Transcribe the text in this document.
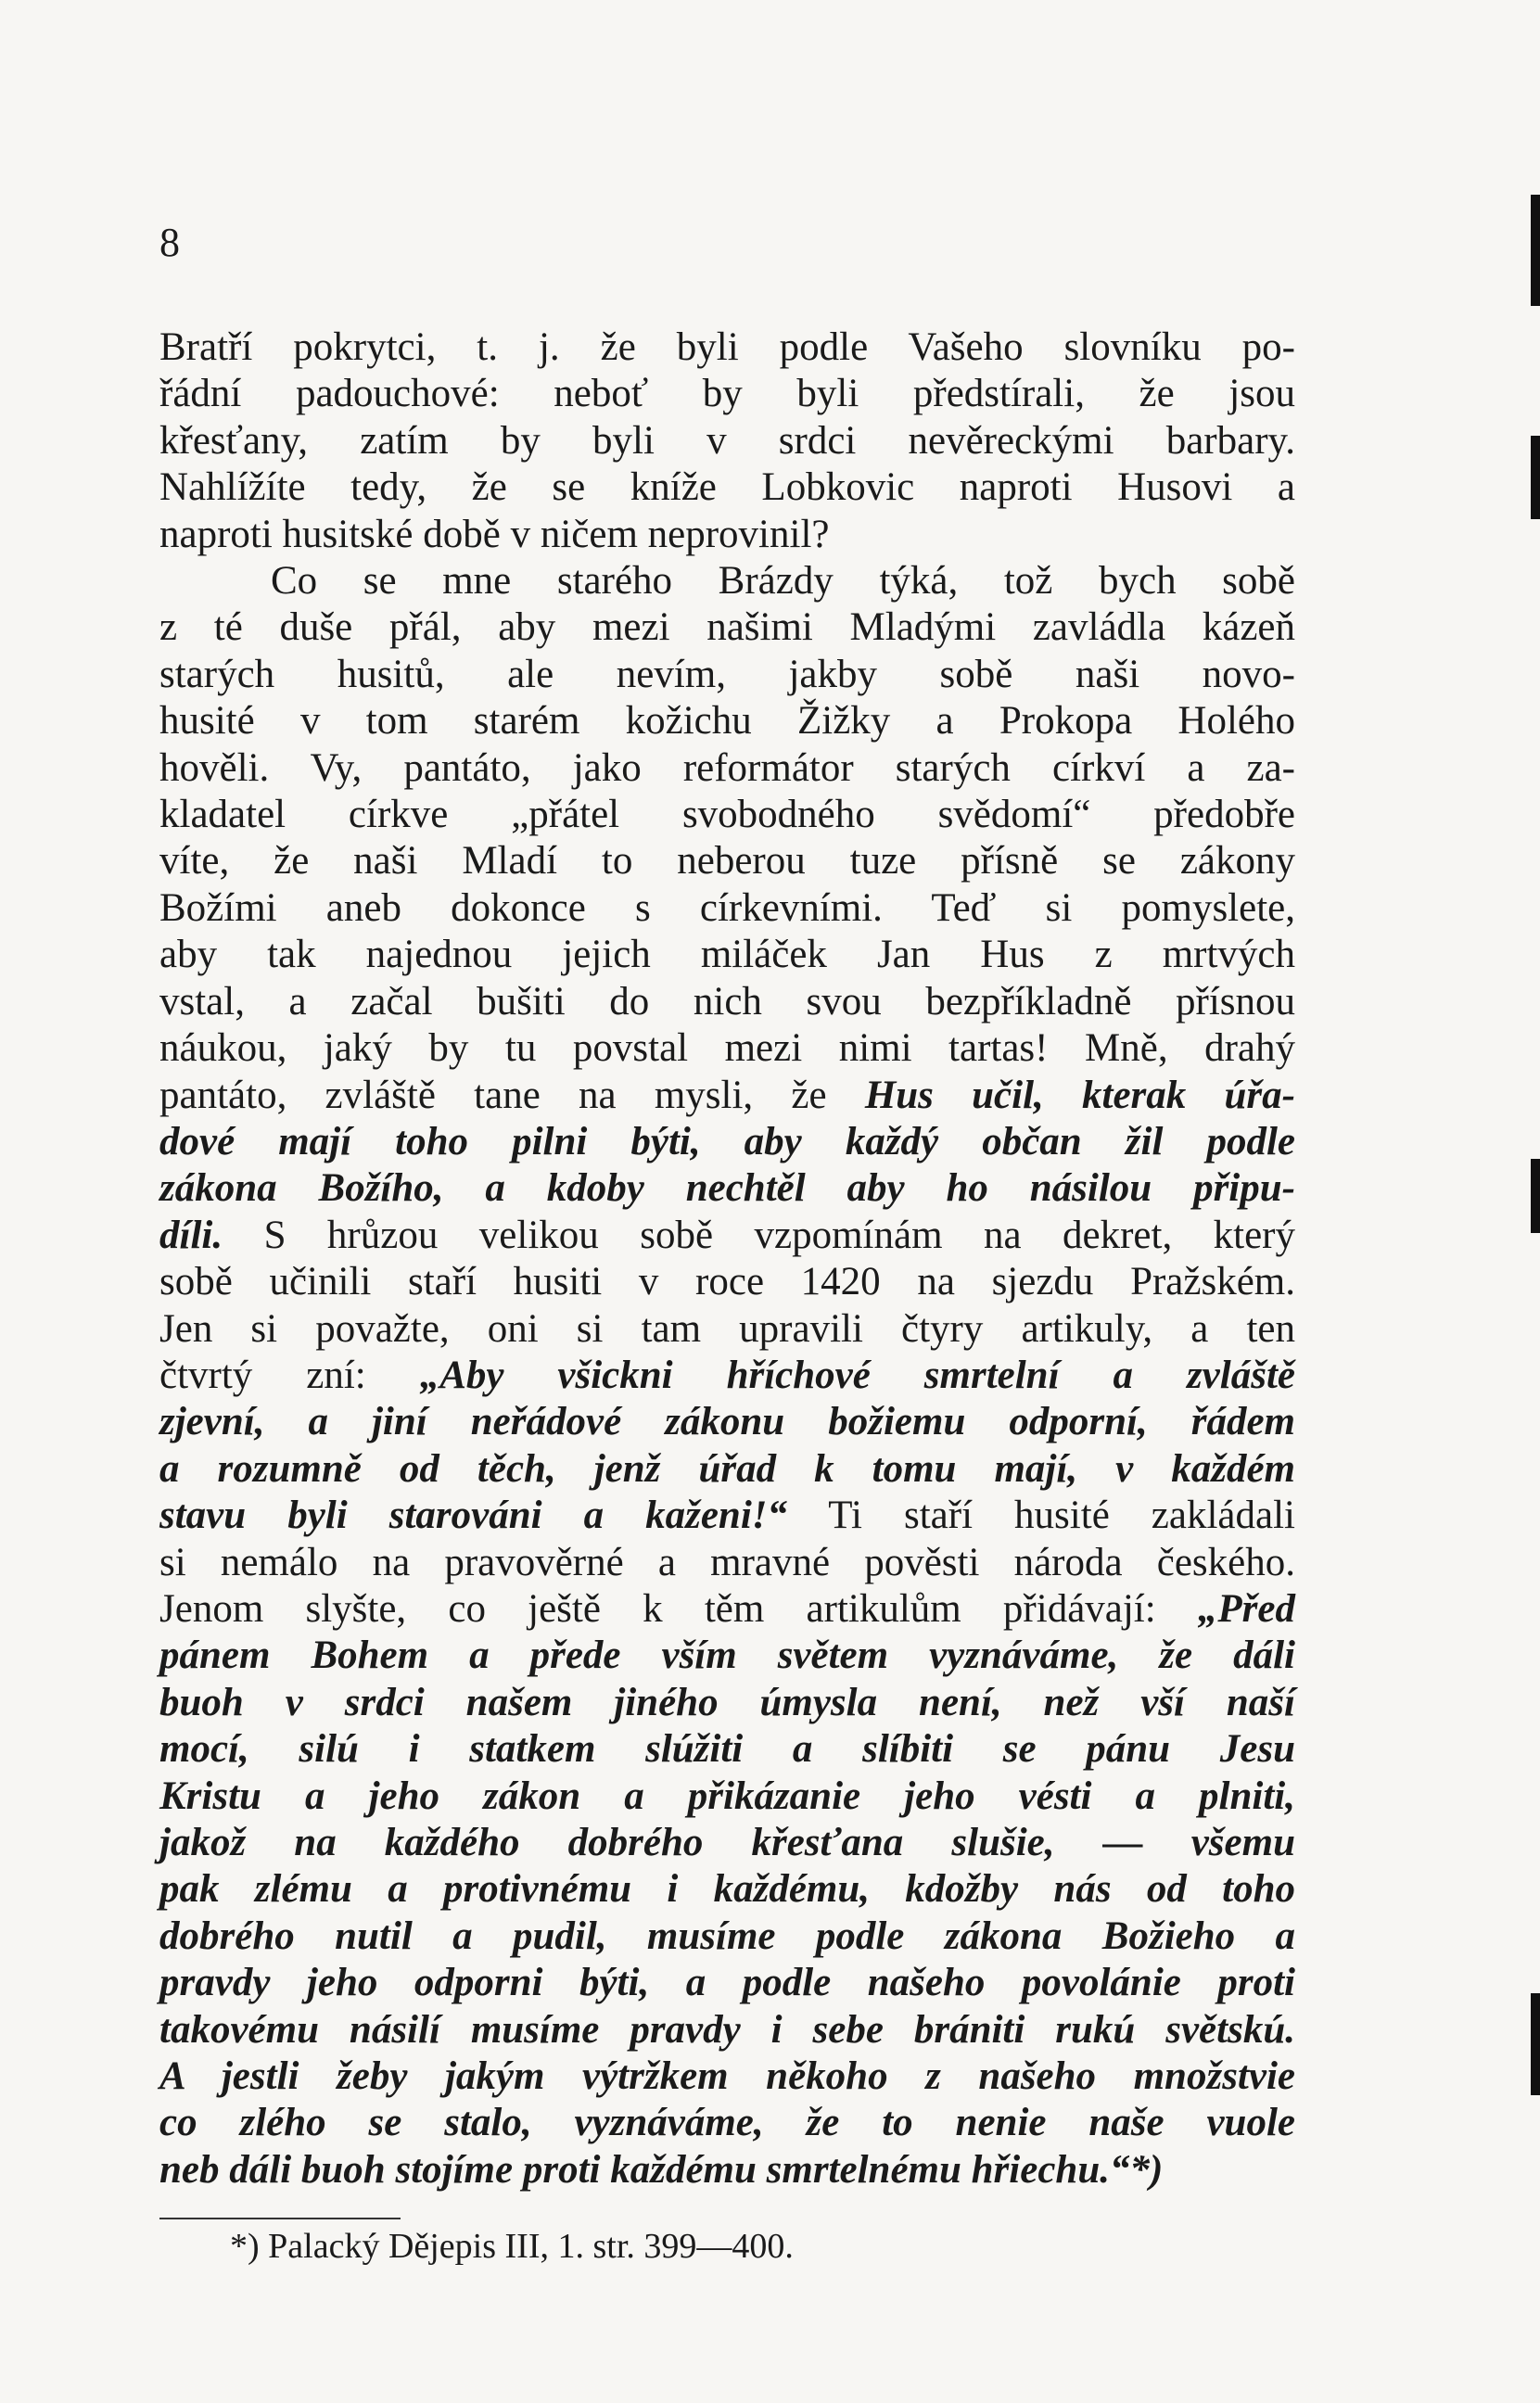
8
Bratří pokrytci, t. j. že byli podle Vašeho slovníku po-
řádní padouchové: neboť by byli předstírali, že jsou
křesťany, zatím by byli v srdci nevěreckými barbary.
Nahlížíte tedy, že se kníže Lobkovic naproti Husovi a
naproti husitské době v ničem neprovinil?
Co se mne starého Brázdy týká, tož bych sobě
z té duše přál, aby mezi našimi Mladými zavládla kázeň
starých husitů, ale nevím, jakby sobě naši novo-
husité v tom starém kožichu Žižky a Prokopa Holého
hověli. Vy, pantáto, jako reformátor starých církví a za-
kladatel církve „přátel svobodného svědomí“ předobře
víte, že naši Mladí to neberou tuze přísně se zákony
Božími aneb dokonce s církevními. Teď si pomyslete,
aby tak najednou jejich miláček Jan Hus z mrtvých
vstal, a začal bušiti do nich svou bezpříkladně přísnou
náukou, jaký by tu povstal mezi nimi tartas! Mně, drahý
pantáto, zvláště tane na mysli, že Hus učil, kterak úřa-
dové mají toho pilni býti, aby každý občan žil podle
zákona Božího, a kdoby nechtěl aby ho násilou připu-
díli. S hrůzou velikou sobě vzpomínám na dekret, který
sobě učinili staří husiti v roce 1420 na sjezdu Pražském.
Jen si považte, oni si tam upravili čtyry artikuly, a ten
čtvrtý zní: „Aby všickni hříchové smrtelní a zvláště
zjevní, a jiní neřádové zákonu božiemu odporní, řádem
a rozumně od těch, jenž úřad k tomu mají, v každém
stavu byli starováni a kaženi!“ Ti staří husité zakládali
si nemálo na pravověrné a mravné pověsti národa českého.
Jenom slyšte, co ještě k těm artikulům přidávají: „Před
pánem Bohem a přede vším světem vyznáváme, že dáli
buoh v srdci našem jiného úmysla není, než vší naší
mocí, silú i statkem slúžiti a slíbiti se pánu Jesu
Kristu a jeho zákon a přikázanie jeho vésti a plniti,
jakož na každého dobrého křesťana slušie, — všemu
pak zlému a protivnému i každému, kdožby nás od toho
dobrého nutil a pudil, musíme podle zákona Božieho a
pravdy jeho odporni býti, a podle našeho povolánie proti
takovému násilí musíme pravdy i sebe brániti rukú světskú.
A jestli žeby jakým výtržkem někoho z našeho množstvie
co zlého se stalo, vyznáváme, že to nenie naše vuole
neb dáli buoh stojíme proti každému smrtelnému hřiechu.“*)
*) Palacký Dějepis III, 1. str. 399—400.
